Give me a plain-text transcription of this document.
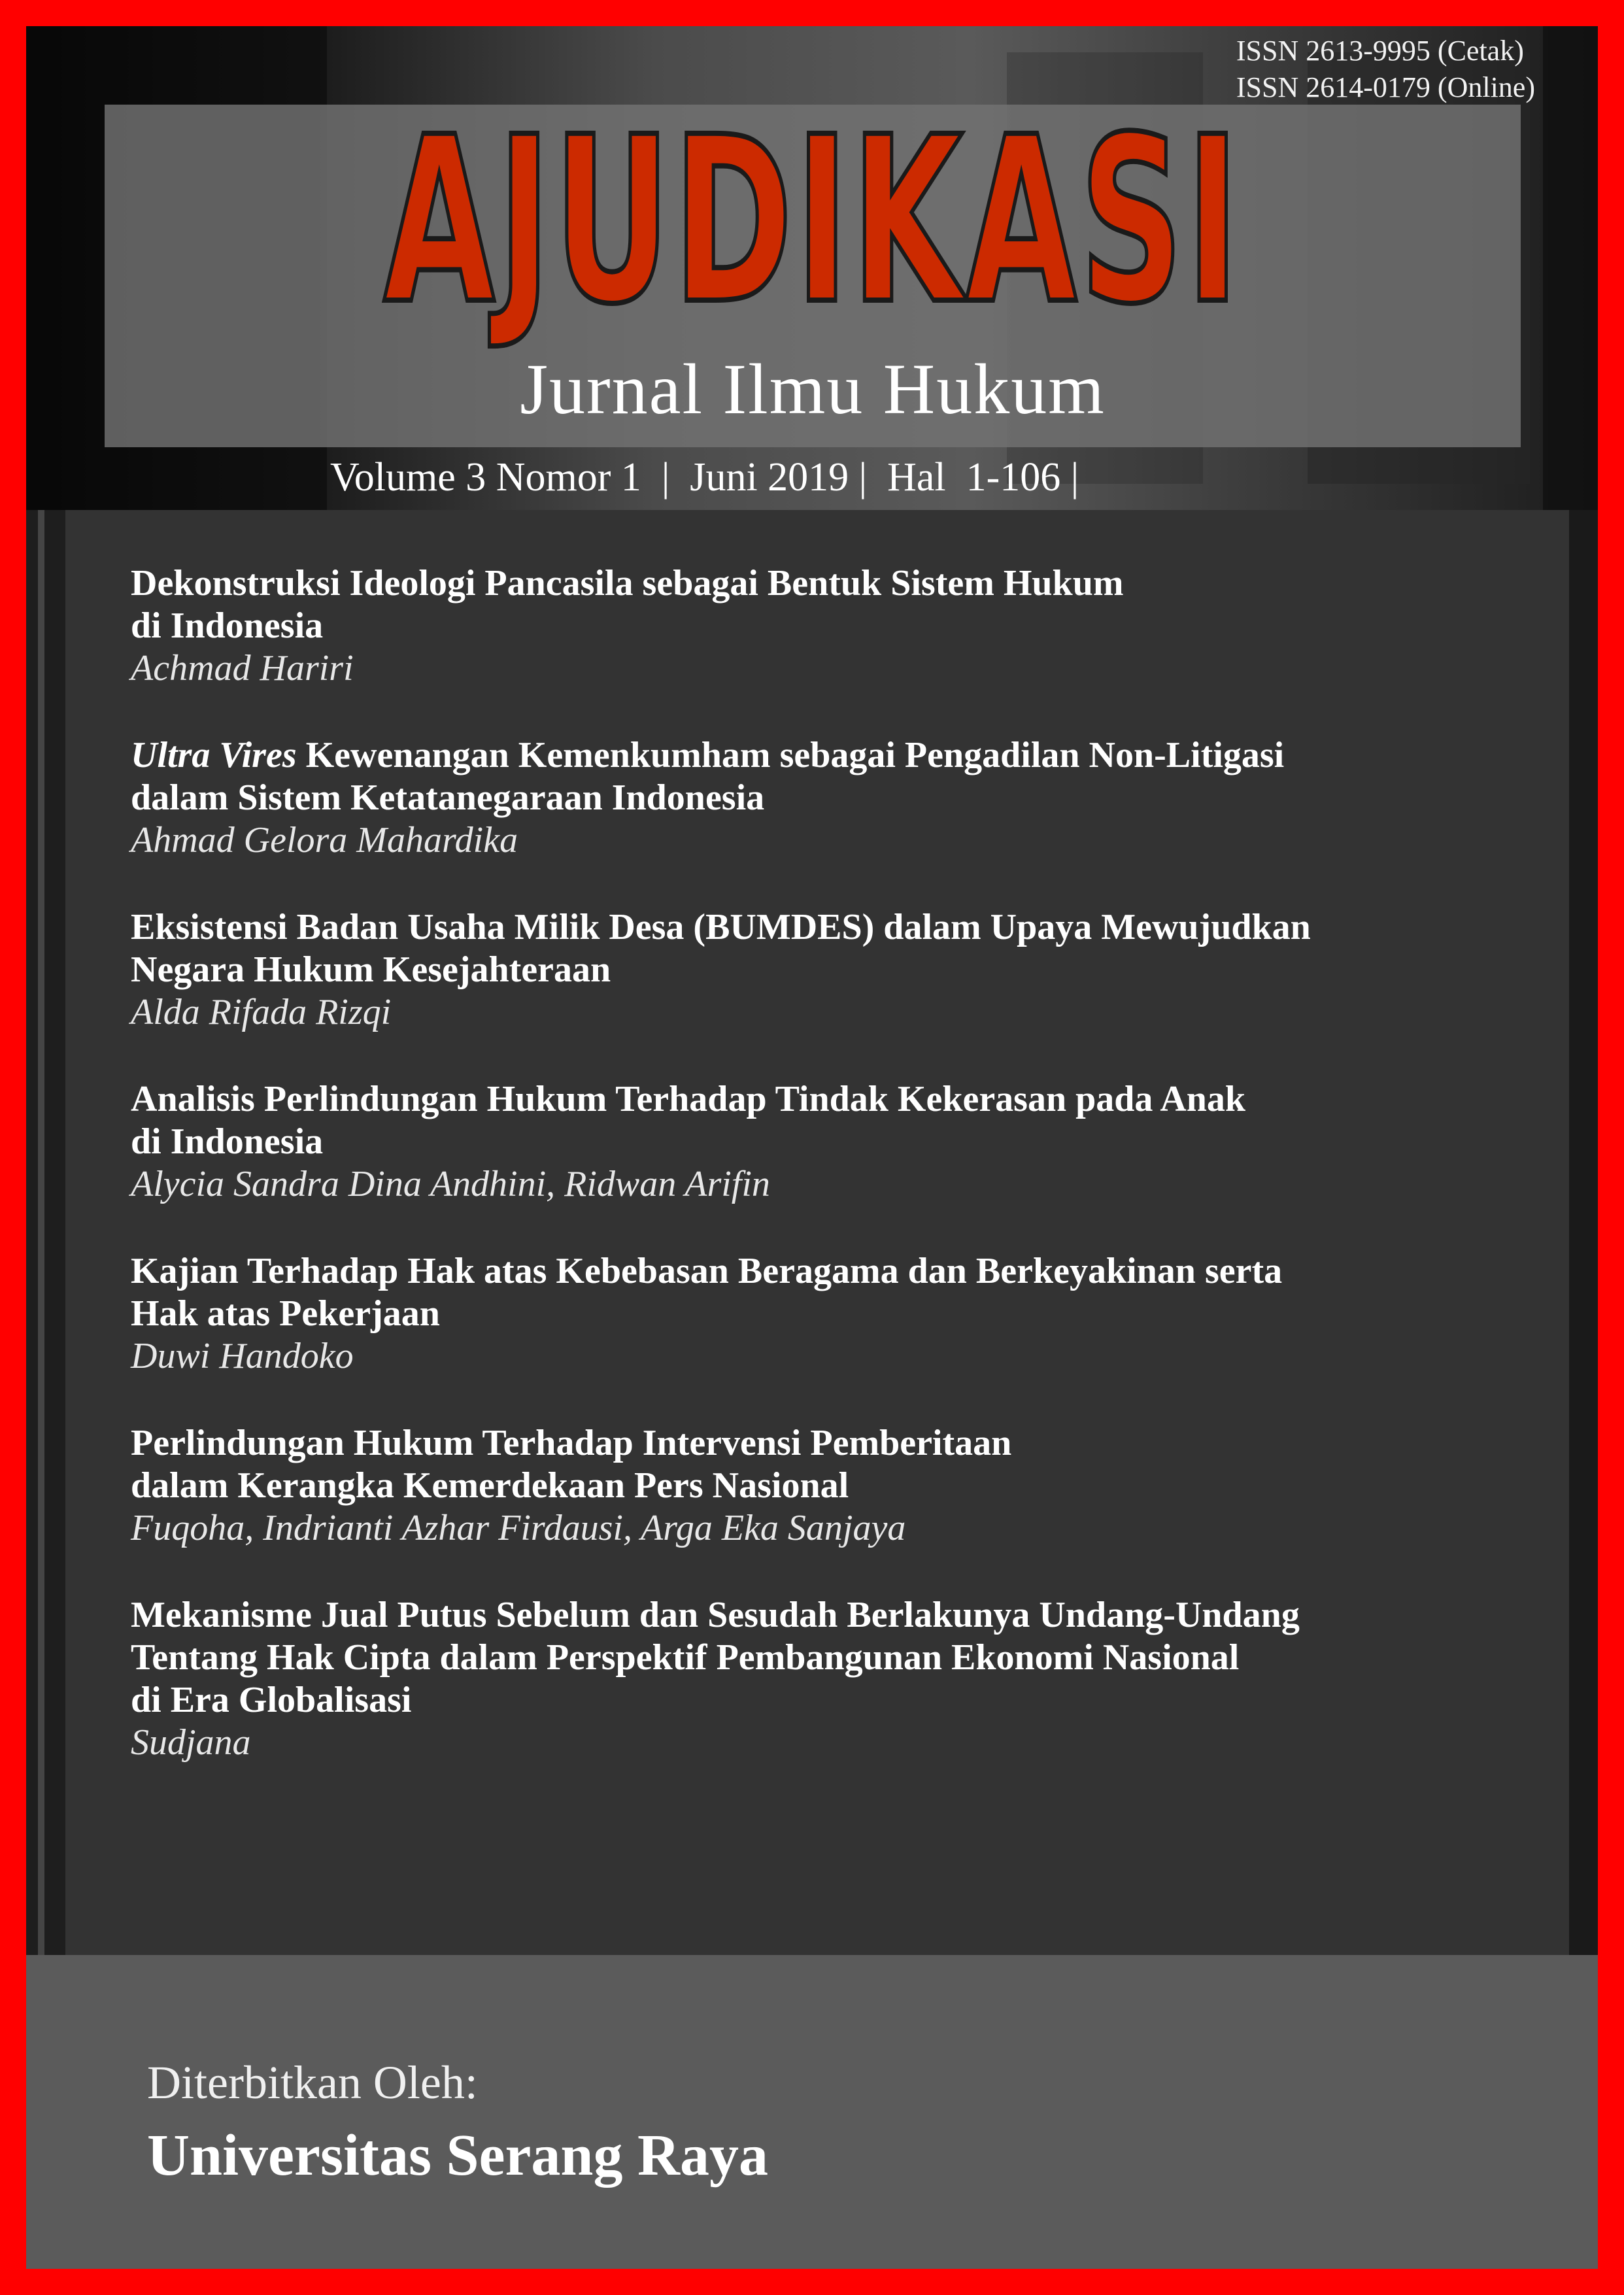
ISSN 2613-9995 (Cetak)
ISSN 2614-0179 (Online)
AJUDIKASI
Jurnal Ilmu Hukum
Volume 3 Nomor 1  |  Juni 2019 |  Hal  1-106 |
Dekonstruksi Ideologi Pancasila sebagai Bentuk Sistem Hukum
di Indonesia
Achmad Hariri
Ultra Vires Kewenangan Kemenkumham sebagai Pengadilan Non-Litigasi
dalam Sistem Ketatanegaraan Indonesia
Ahmad Gelora Mahardika
Eksistensi Badan Usaha Milik Desa (BUMDES) dalam Upaya Mewujudkan
Negara Hukum Kesejahteraan
Alda Rifada Rizqi
Analisis Perlindungan Hukum Terhadap Tindak Kekerasan pada Anak
di Indonesia
Alycia Sandra Dina Andhini, Ridwan Arifin
Kajian Terhadap Hak atas Kebebasan Beragama dan Berkeyakinan serta
Hak atas Pekerjaan
Duwi Handoko
Perlindungan Hukum Terhadap Intervensi Pemberitaan
dalam Kerangka Kemerdekaan Pers Nasional
Fuqoha, Indrianti Azhar Firdausi, Arga Eka Sanjaya
Mekanisme Jual Putus Sebelum dan Sesudah Berlakunya Undang-Undang
Tentang Hak Cipta dalam Perspektif Pembangunan Ekonomi Nasional
di Era Globalisasi
Sudjana
Diterbitkan Oleh:
Universitas Serang Raya
